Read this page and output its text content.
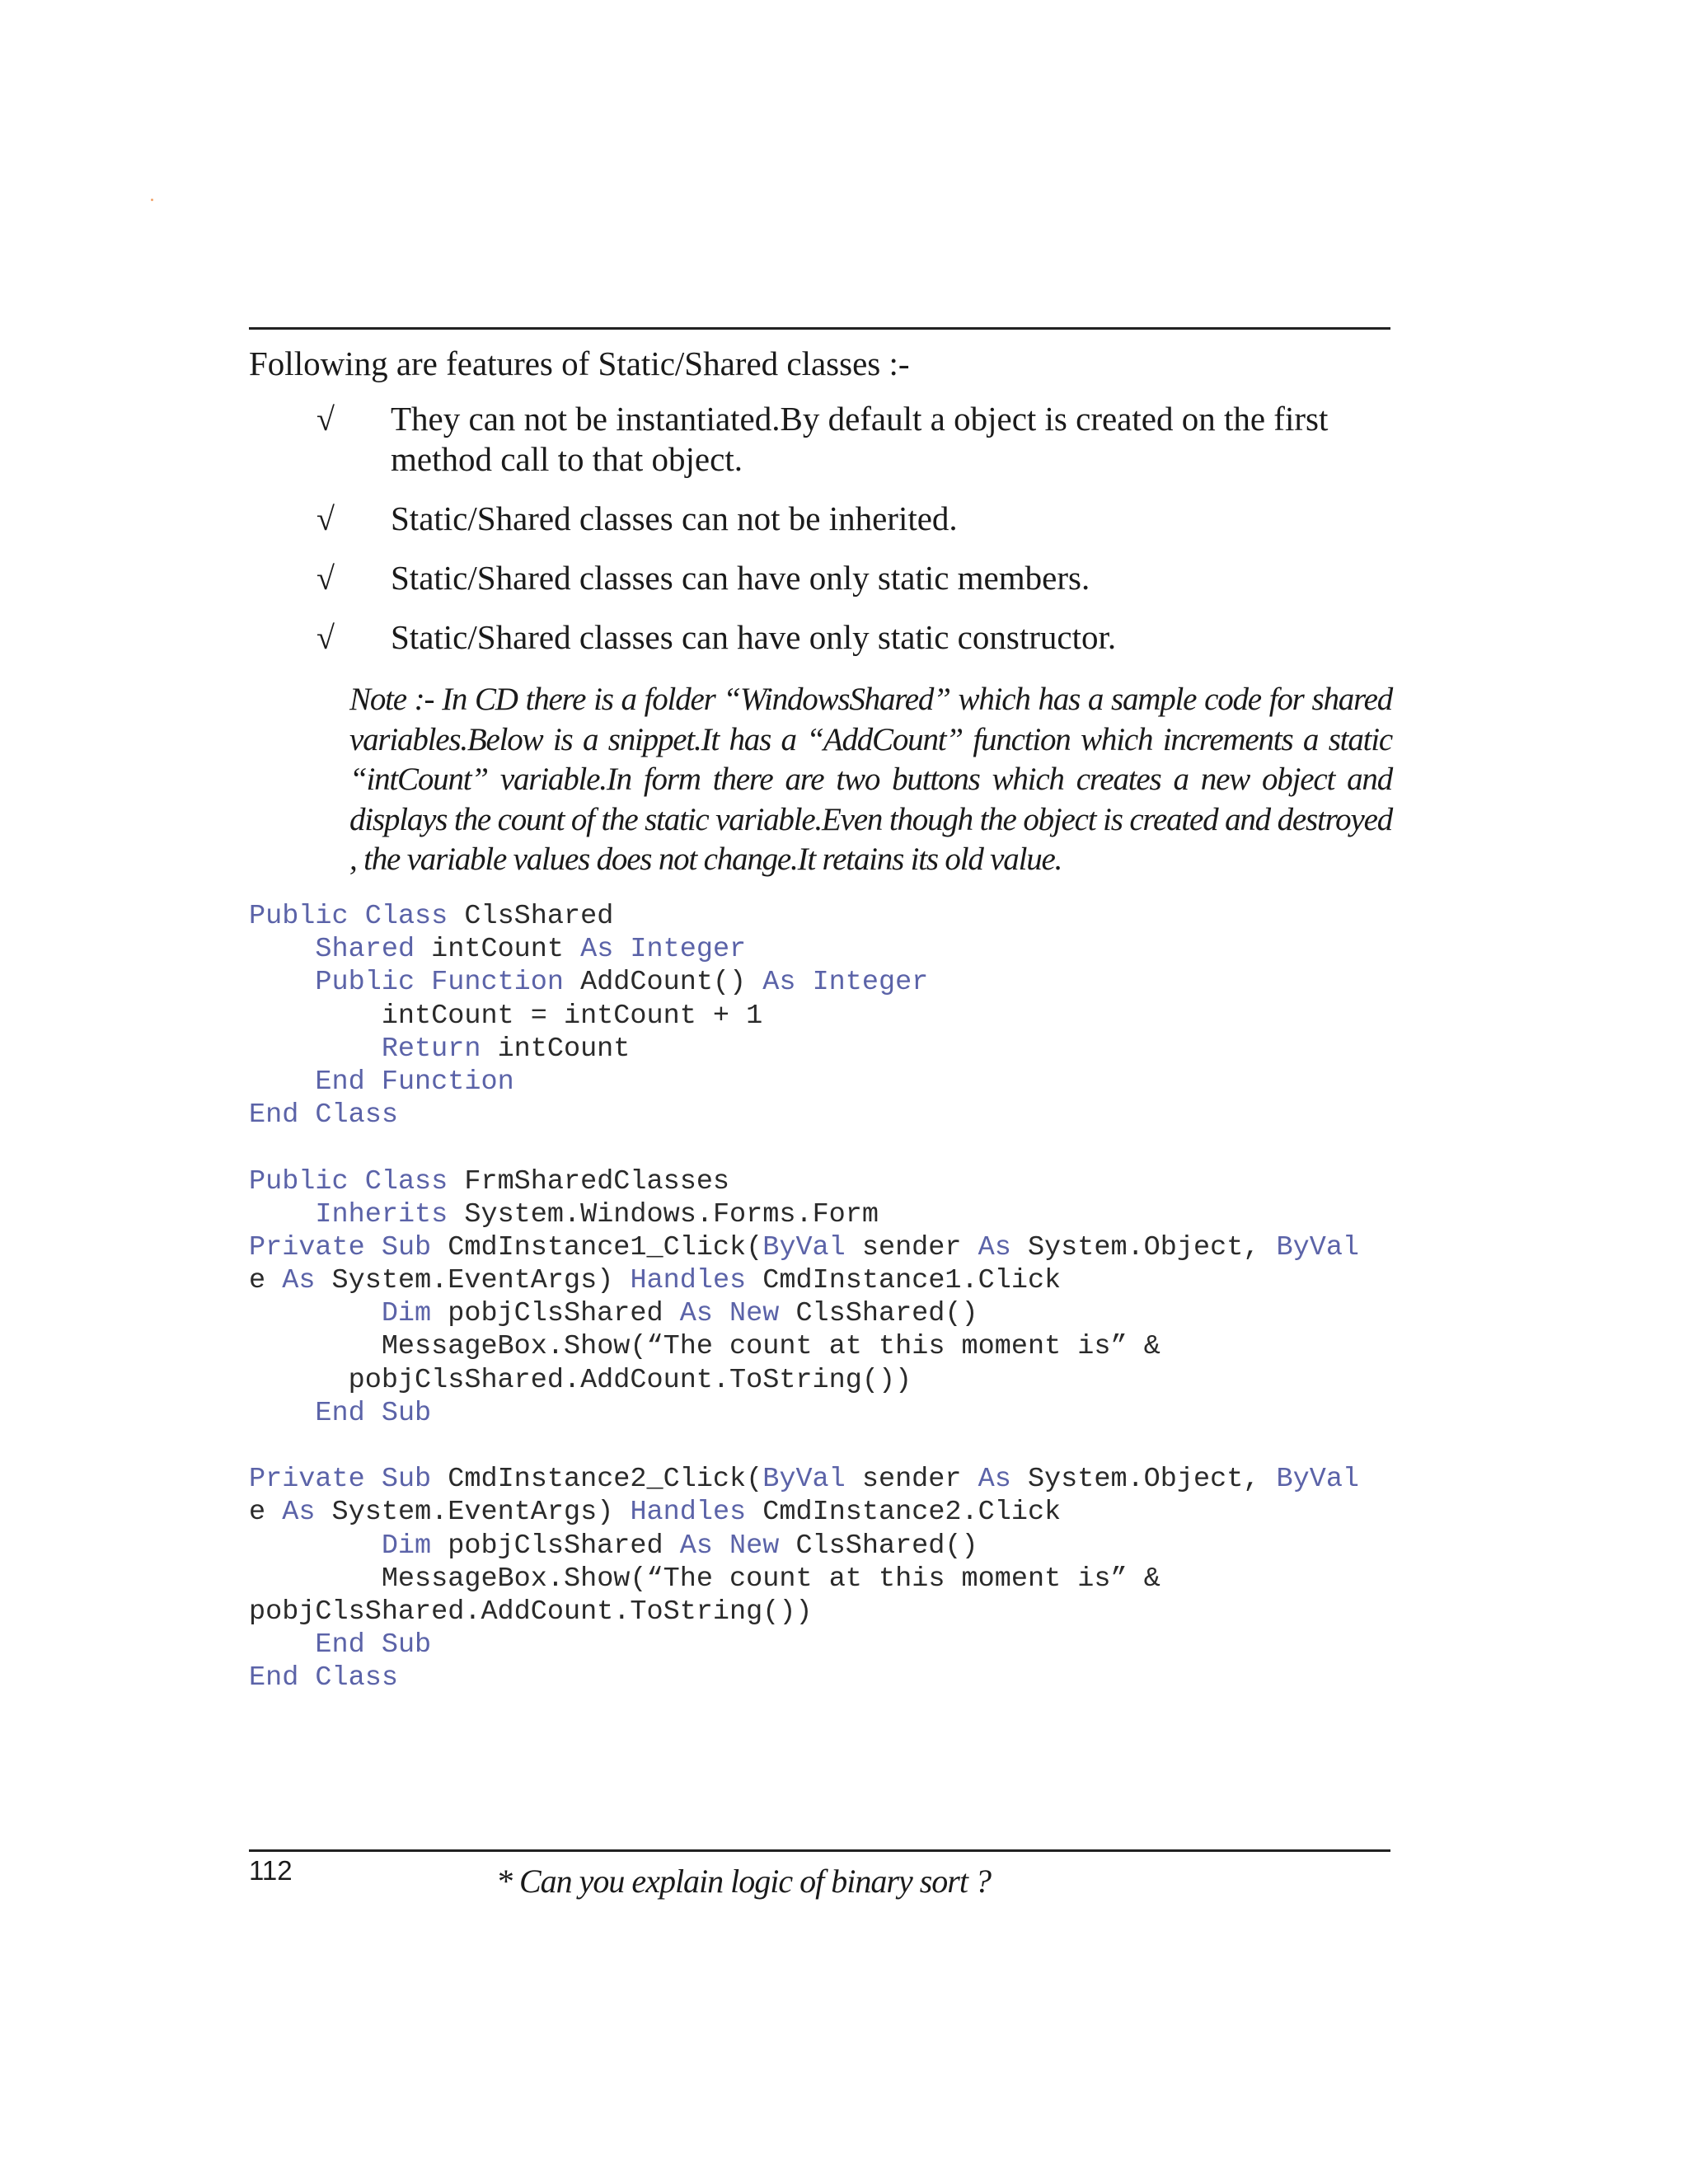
Following are features of Static/Shared classes :-
√ They can not be instantiated.By default a object is created on the first method call to that object.
√ Static/Shared classes can not be inherited.
√ Static/Shared classes can have only static members.
√ Static/Shared classes can have only static constructor.
Note :- In CD there is a folder “WindowsShared” which has a sample code for shared variables.Below is a snippet.It has a “AddCount” function which increments a static “intCount” variable.In form there are two buttons which creates a new object and displays the count of the static variable.Even though the object is created and destroyed , the variable values does not change.It retains its old value.
Public Class ClsShared
Shared intCount As Integer
Public Function AddCount() As Integer
intCount = intCount + 1
Return intCount
End Function
End Class
Public Class FrmSharedClasses
Inherits System.Windows.Forms.Form
Private Sub CmdInstance1_Click(ByVal sender As System.Object, ByVal
e As System.EventArgs) Handles CmdInstance1.Click
Dim pobjClsShared As New ClsShared()
MessageBox.Show(“The count at this moment is” &
pobjClsShared.AddCount.ToString())
End Sub
Private Sub CmdInstance2_Click(ByVal sender As System.Object, ByVal
e As System.EventArgs) Handles CmdInstance2.Click
Dim pobjClsShared As New ClsShared()
MessageBox.Show(“The count at this moment is” &
pobjClsShared.AddCount.ToString())
End Sub
End Class
112	* Can you explain logic of binary sort ?
